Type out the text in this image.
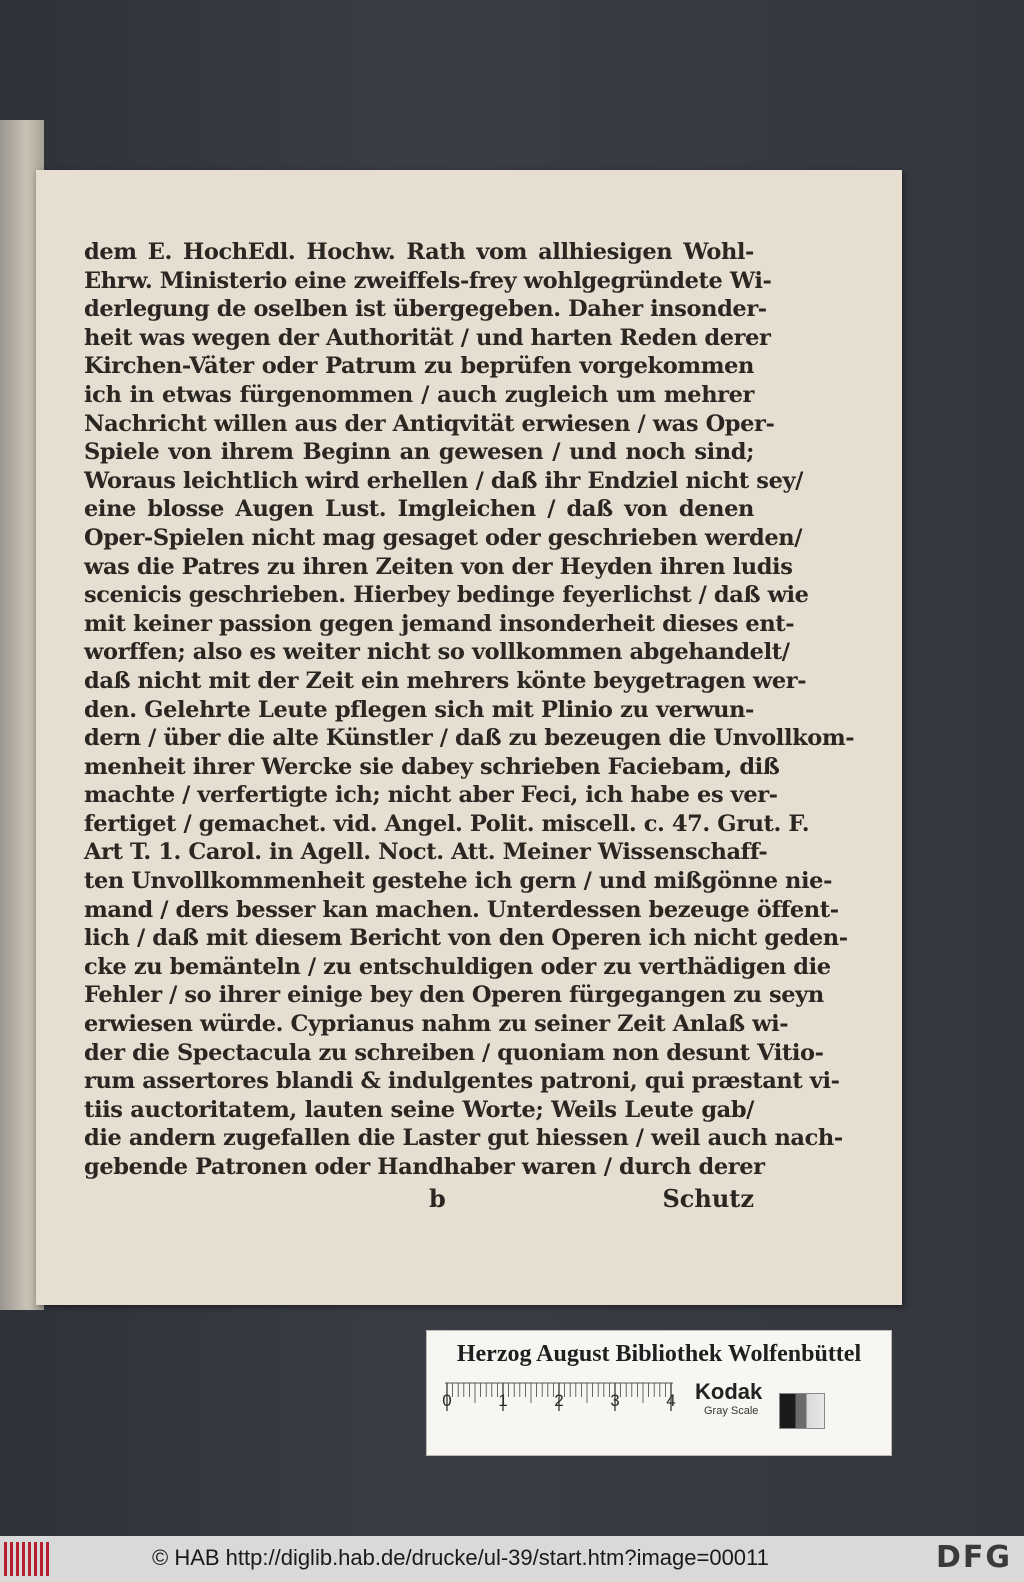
dem E. HochEdl. Hochw. Rath vom allhiesigen Wohl-
Ehrw. Ministerio eine zweiffels-frey wohlgegründete Wi-
derlegung de oselben ist übergegeben. Daher insonder-
heit was wegen der Authorität / und harten Reden derer
Kirchen-Väter oder Patrum zu beprüfen vorgekommen
ich in etwas fürgenommen / auch zugleich um mehrer
Nachricht willen aus der Antiqvität erwiesen / was Oper-
Spiele von ihrem Beginn an gewesen / und noch sind;
Woraus leichtlich wird erhellen / daß ihr Endziel nicht sey/
eine blosse Augen Lust. Imgleichen / daß von denen
Oper-Spielen nicht mag gesaget oder geschrieben werden/
was die Patres zu ihren Zeiten von der Heyden ihren ludis
scenicis geschrieben. Hierbey bedinge feyerlichst / daß wie
mit keiner passion gegen jemand insonderheit dieses ent-
worffen; also es weiter nicht so vollkommen abgehandelt/
daß nicht mit der Zeit ein mehrers könte beygetragen wer-
den. Gelehrte Leute pflegen sich mit Plinio zu verwun-
dern / über die alte Künstler / daß zu bezeugen die Unvollkom-
menheit ihrer Wercke sie dabey schrieben Faciebam, diß
machte / verfertigte ich; nicht aber Feci, ich habe es ver-
fertiget / gemachet. vid. Angel. Polit. miscell. c. 47. Grut. F.
Art T. 1. Carol. in Agell. Noct. Att. Meiner Wissenschaff-
ten Unvollkommenheit gestehe ich gern / und mißgönne nie-
mand / ders besser kan machen. Unterdessen bezeuge öffent-
lich / daß mit diesem Bericht von den Operen ich nicht geden-
cke zu bemänteln / zu entschuldigen oder zu verthädigen die
Fehler / so ihrer einige bey den Operen fürgegangen zu seyn
erwiesen würde. Cyprianus nahm zu seiner Zeit Anlaß wi-
der die Spectacula zu schreiben / quoniam non desunt Vitio-
rum assertores blandi & indulgentes patroni, qui præstant vi-
tiis auctoritatem, lauten seine Worte; Weils Leute gab/
die andern zugefallen die Laster gut hiessen / weil auch nach-
gebende Patronen oder Handhaber waren / durch derer
b	Schutz
Herzog August Bibliothek Wolfenbüttel
0	1	2	3	4 Kodak
Gray Scale
© HAB http://diglib.hab.de/drucke/ul-39/start.htm?image=00011	DFG
